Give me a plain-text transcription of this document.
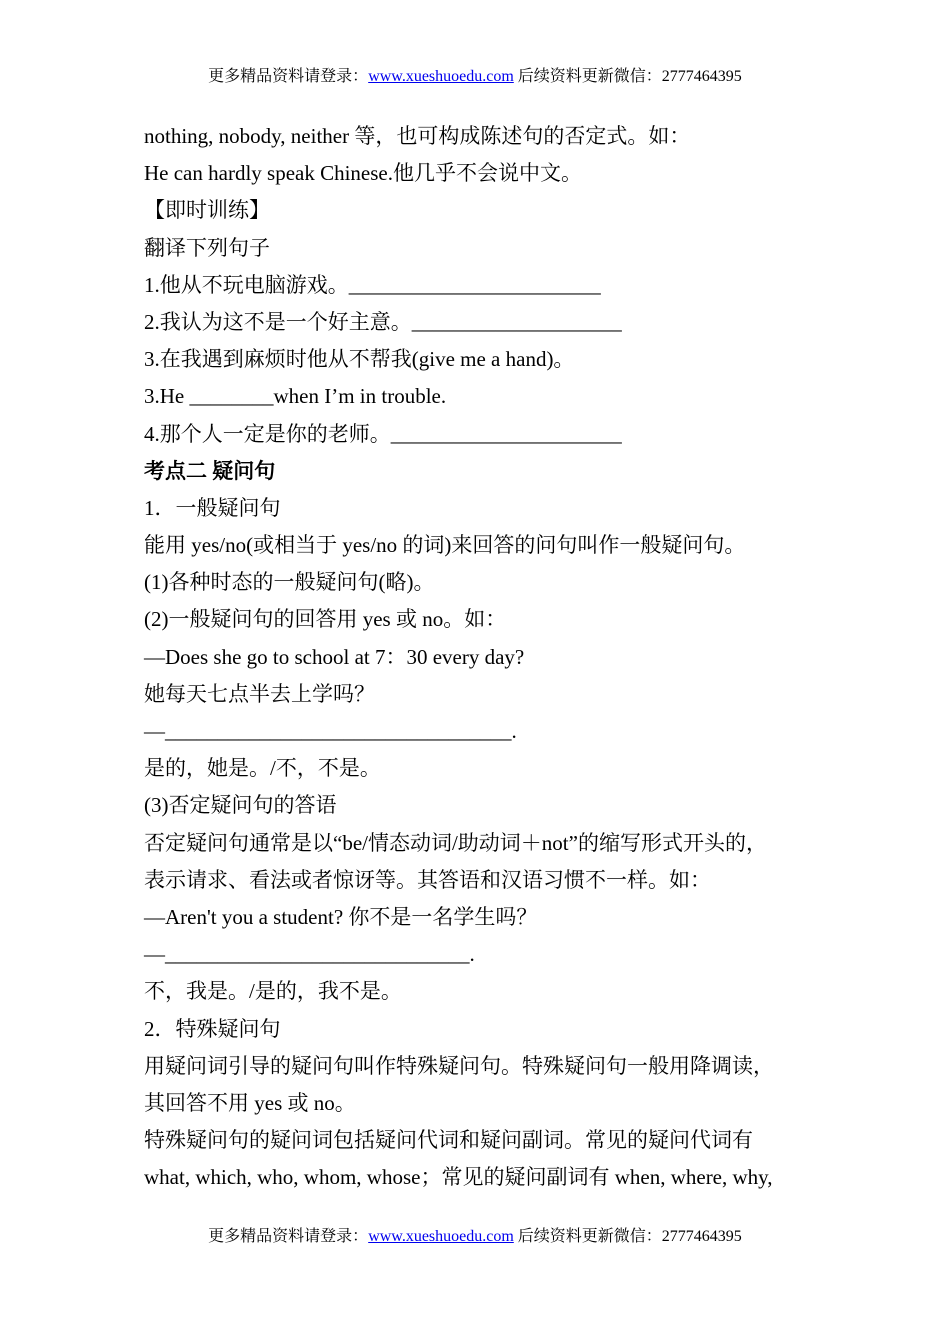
更多精品资料请登录：www.xueshuoedu.com 后续资料更新微信：2777464395
nothing, nobody, neither 等，也可构成陈述句的否定式。如：
He can hardly speak Chinese.他几乎不会说中文。
【即时训练】
翻译下列句子
1.他从不玩电脑游戏。________________________
2.我认为这不是一个好主意。____________________
3.在我遇到麻烦时他从不帮我(give me a hand)。
3.He ________when I’m in trouble.
4.那个人一定是你的老师。______________________
考点二 疑问句
1．一般疑问句
能用 yes/no(或相当于 yes/no 的词)来回答的问句叫作一般疑问句。
(1)各种时态的一般疑问句(略)。
(2)一般疑问句的回答用 yes 或 no。如：
—Does she go to school at 7：30 every day?
她每天七点半去上学吗？
—_________________________________.
是的，她是。/不，不是。
(3)否定疑问句的答语
否定疑问句通常是以“be/情态动词/助动词＋not”的缩写形式开头的，
表示请求、看法或者惊讶等。其答语和汉语习惯不一样。如：
—Aren't you a student? 你不是一名学生吗？
—_____________________________.
不，我是。/是的，我不是。
2．特殊疑问句
用疑问词引导的疑问句叫作特殊疑问句。特殊疑问句一般用降调读，
其回答不用 yes 或 no。
特殊疑问句的疑问词包括疑问代词和疑问副词。常见的疑问代词有
what, which, who, whom, whose；常见的疑问副词有 when, where, why,
更多精品资料请登录：www.xueshuoedu.com 后续资料更新微信：2777464395
